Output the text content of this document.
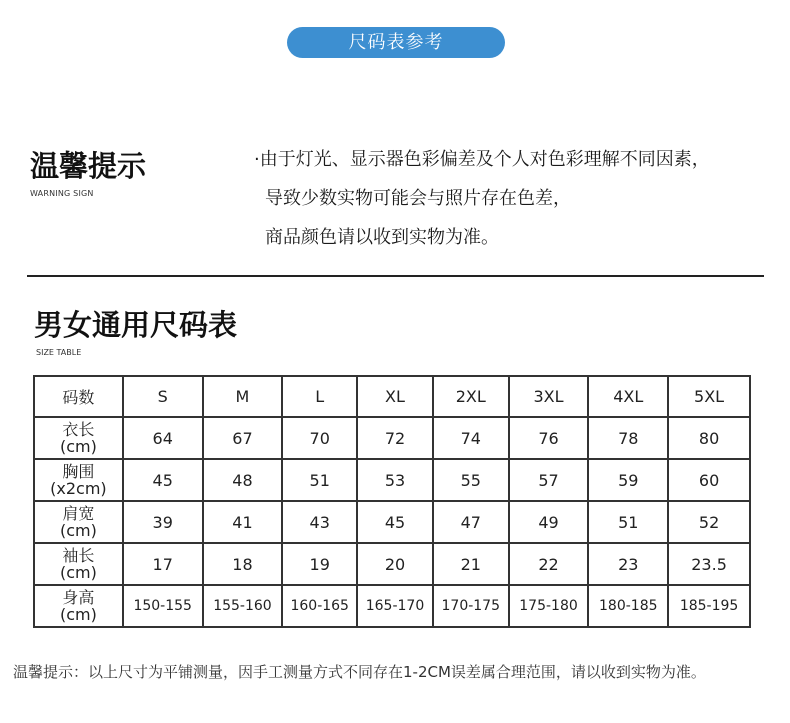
尺码表参考
温馨提示
WARNING SIGN
·由于灯光、显示器色彩偏差及个人对色彩理解不同因素，
导致少数实物可能会与照片存在色差，
商品颜色请以收到实物为准。
男女通用尺码表
SIZE TABLE
码数	S	M	L	XL	2XL	3XL	4XL	5XL

衣长
(cm)	64	67	70	72	74	76	78	80

胸围
(x2cm)	45	48	51	53	55	57	59	60

肩宽
(cm)	39	41	43	45	47	49	51	52

袖长
(cm)	17	18	19	20	21	22	23	23.5

身高
(cm)	150-155	155-160	160-165	165-170	170-175	175-180	180-185	185-195
温馨提示：以上尺寸为平铺测量，因手工测量方式不同存在1-2CM误差属合理范围，请以收到实物为准。
